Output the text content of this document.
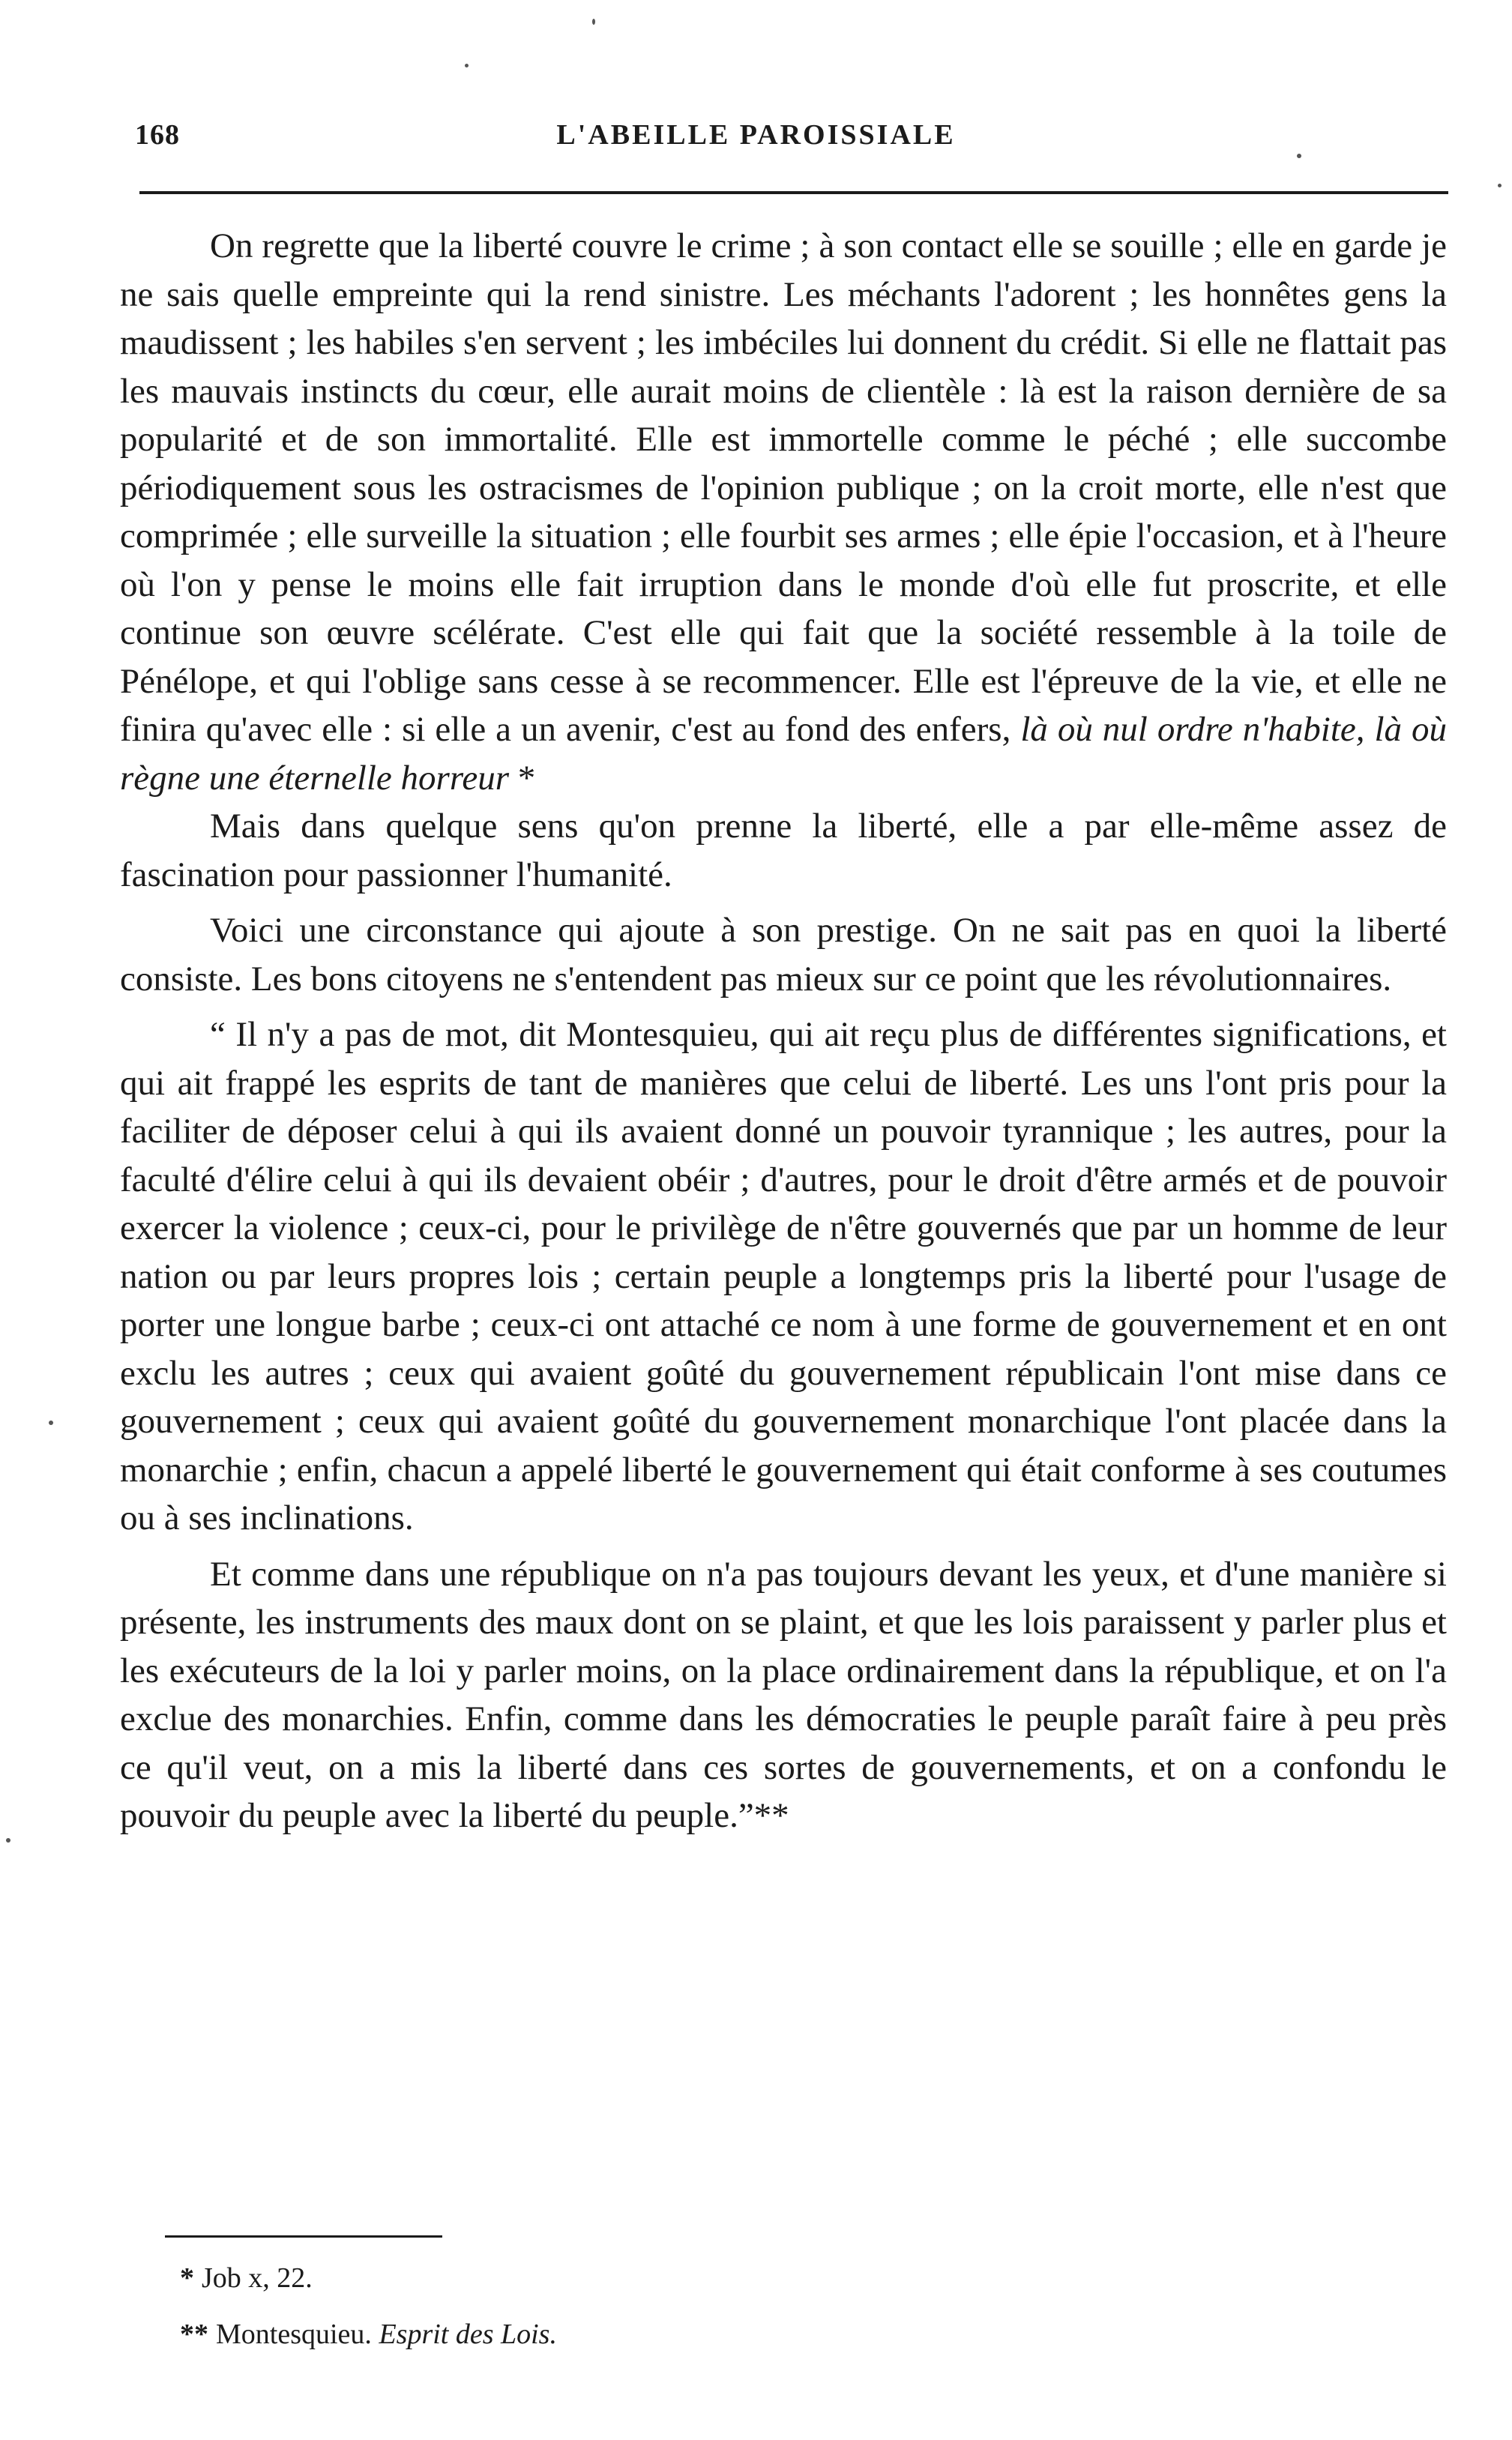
168	L'ABEILLE PAROISSIALE

On regrette que la liberté couvre le crime ; à son contact elle se souille ; elle en garde je ne sais quelle empreinte qui la rend sinistre. Les méchants l'adorent ; les honnêtes gens la maudissent ; les habiles s'en servent ; les imbéciles lui donnent du crédit. Si elle ne flattait pas les mauvais instincts du cœur, elle aurait moins de clientèle : là est la raison dernière de sa popularité et de son immortalité. Elle est immortelle comme le péché ; elle succombe périodiquement sous les ostracismes de l'opinion publique ; on la croit morte, elle n'est que comprimée ; elle surveille la situation ; elle fourbit ses armes ; elle épie l'occasion, et à l'heure où l'on y pense le moins elle fait irruption dans le monde d'où elle fut proscrite, et elle continue son œuvre scélérate. C'est elle qui fait que la société ressemble à la toile de Pénélope, et qui l'oblige sans cesse à se recommencer. Elle est l'épreuve de la vie, et elle ne finira qu'avec elle : si elle a un avenir, c'est au fond des enfers, là où nul ordre n'habite, là où règne une éternelle horreur *

Mais dans quelque sens qu'on prenne la liberté, elle a par elle-même assez de fascination pour passionner l'humanité.

Voici une circonstance qui ajoute à son prestige. On ne sait pas en quoi la liberté consiste. Les bons citoyens ne s'entendent pas mieux sur ce point que les révolutionnaires.

“ Il n'y a pas de mot, dit Montesquieu, qui ait reçu plus de différentes significations, et qui ait frappé les esprits de tant de manières que celui de liberté. Les uns l'ont pris pour la faciliter de déposer celui à qui ils avaient donné un pouvoir tyrannique ; les autres, pour la faculté d'élire celui à qui ils devaient obéir ; d'autres, pour le droit d'être armés et de pouvoir exercer la violence ; ceux-ci, pour le privilège de n'être gouvernés que par un homme de leur nation ou par leurs propres lois ; certain peuple a longtemps pris la liberté pour l'usage de porter une longue barbe ; ceux-ci ont attaché ce nom à une forme de gouvernement et en ont exclu les autres ; ceux qui avaient goûté du gouvernement républicain l'ont mise dans ce gouvernement ; ceux qui avaient goûté du gouvernement monarchique l'ont placée dans la monarchie ; enfin, chacun a appelé liberté le gouvernement qui était conforme à ses coutumes ou à ses inclinations.

Et comme dans une république on n'a pas toujours devant les yeux, et d'une manière si présente, les instruments des maux dont on se plaint, et que les lois paraissent y parler plus et les exécuteurs de la loi y parler moins, on la place ordinairement dans la république, et on l'a exclue des monarchies. Enfin, comme dans les démocraties le peuple paraît faire à peu près ce qu'il veut, on a mis la liberté dans ces sortes de gouvernements, et on a confondu le pouvoir du peuple avec la liberté du peuple.”**

* Job x, 22.
** Montesquieu. Esprit des Lois.
